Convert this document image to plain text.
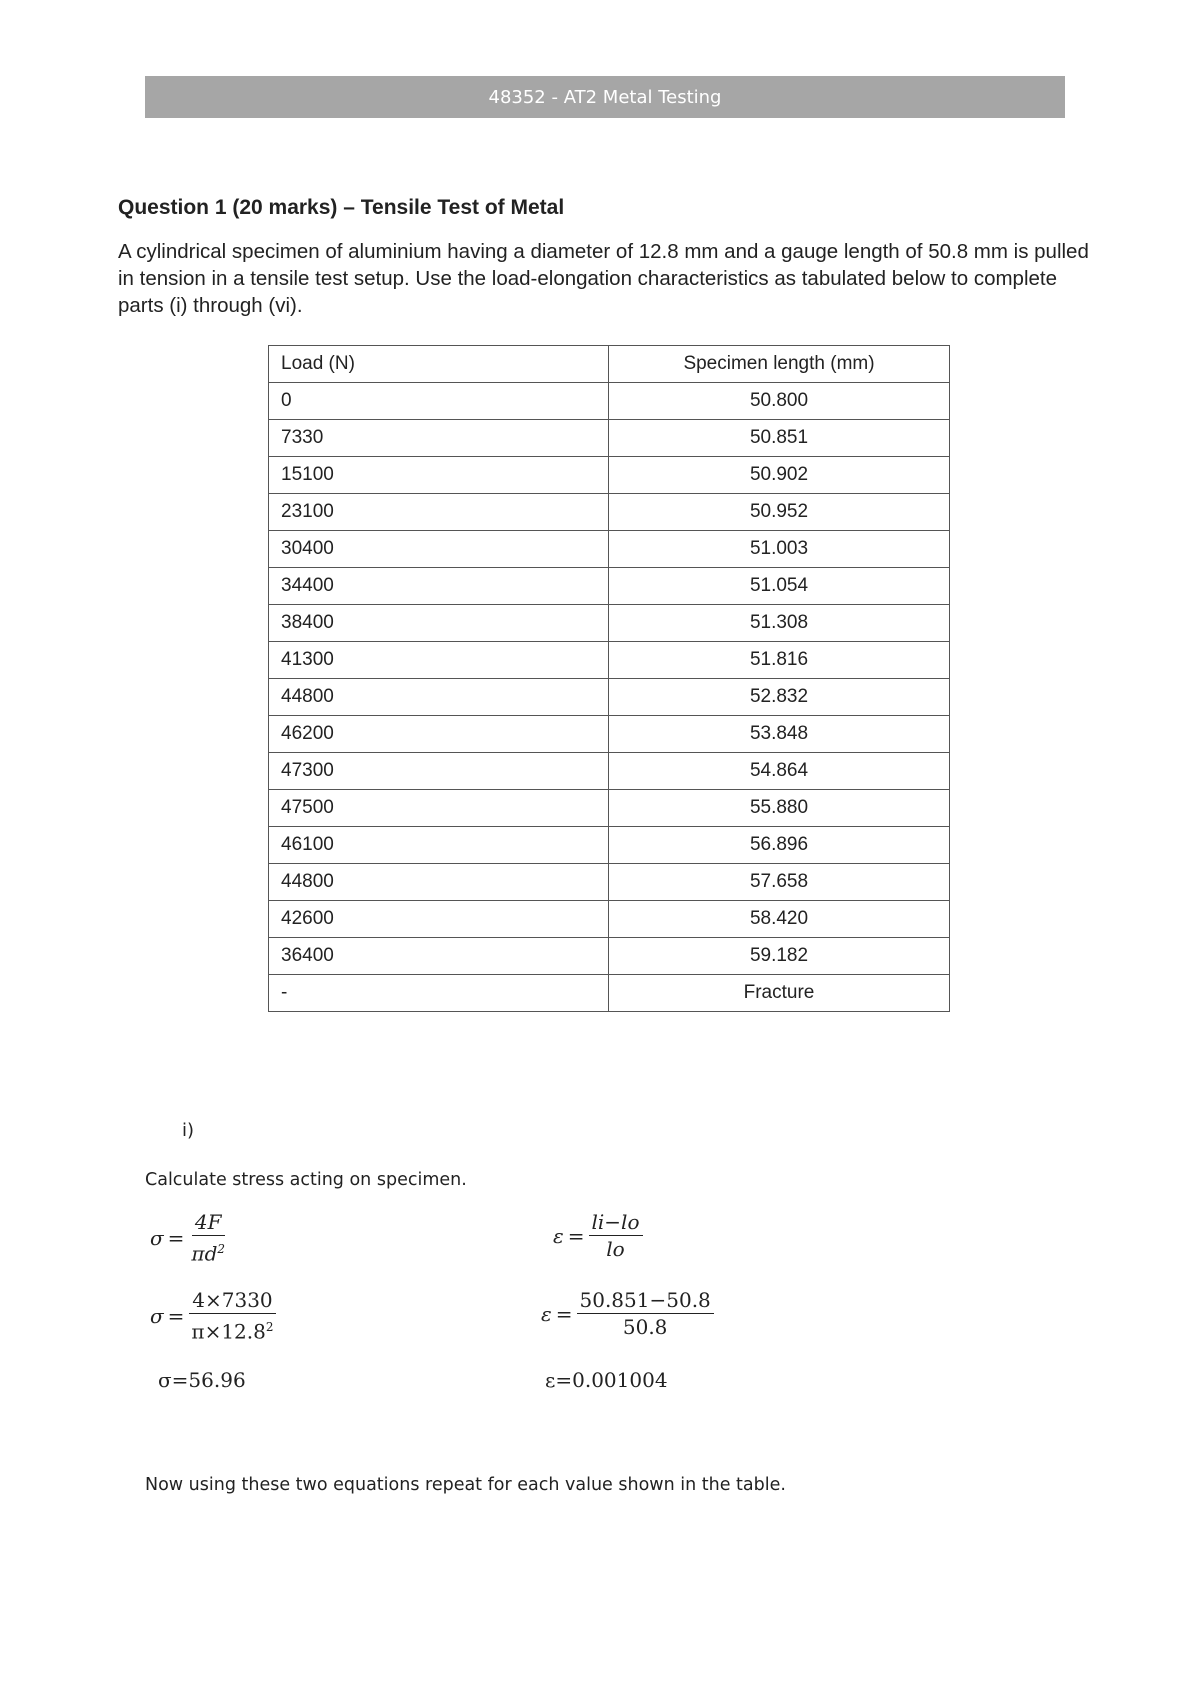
48352 - AT2 Metal Testing
Question 1 (20 marks) – Tensile Test of Metal
A cylindrical specimen of aluminium having a diameter of 12.8 mm and a gauge length of 50.8 mm is pulled in tension in a tensile test setup. Use the load-elongation characteristics as tabulated below to complete parts (i) through (vi).
Load (N)	Specimen length (mm)
0	50.800
7330	50.851
15100	50.902
23100	50.952
30400	51.003
34400	51.054
38400	51.308
41300	51.816
44800	52.832
46200	53.848
47300	54.864
47500	55.880
46100	56.896
44800	57.658
42600	58.420
36400	59.182
-	Fracture
i)
Calculate stress acting on specimen.
$\sigma = \frac{4F}{\pi d^2}$
$\sigma = \frac{4\times 7330}{\pi\times 12.8^2}$
σ=56.96
$\varepsilon = \frac{li-lo}{lo}$
$\varepsilon = \frac{50.851-50.8}{50.8}$
ε=0.001004
Now using these two equations repeat for each value shown in the table.
